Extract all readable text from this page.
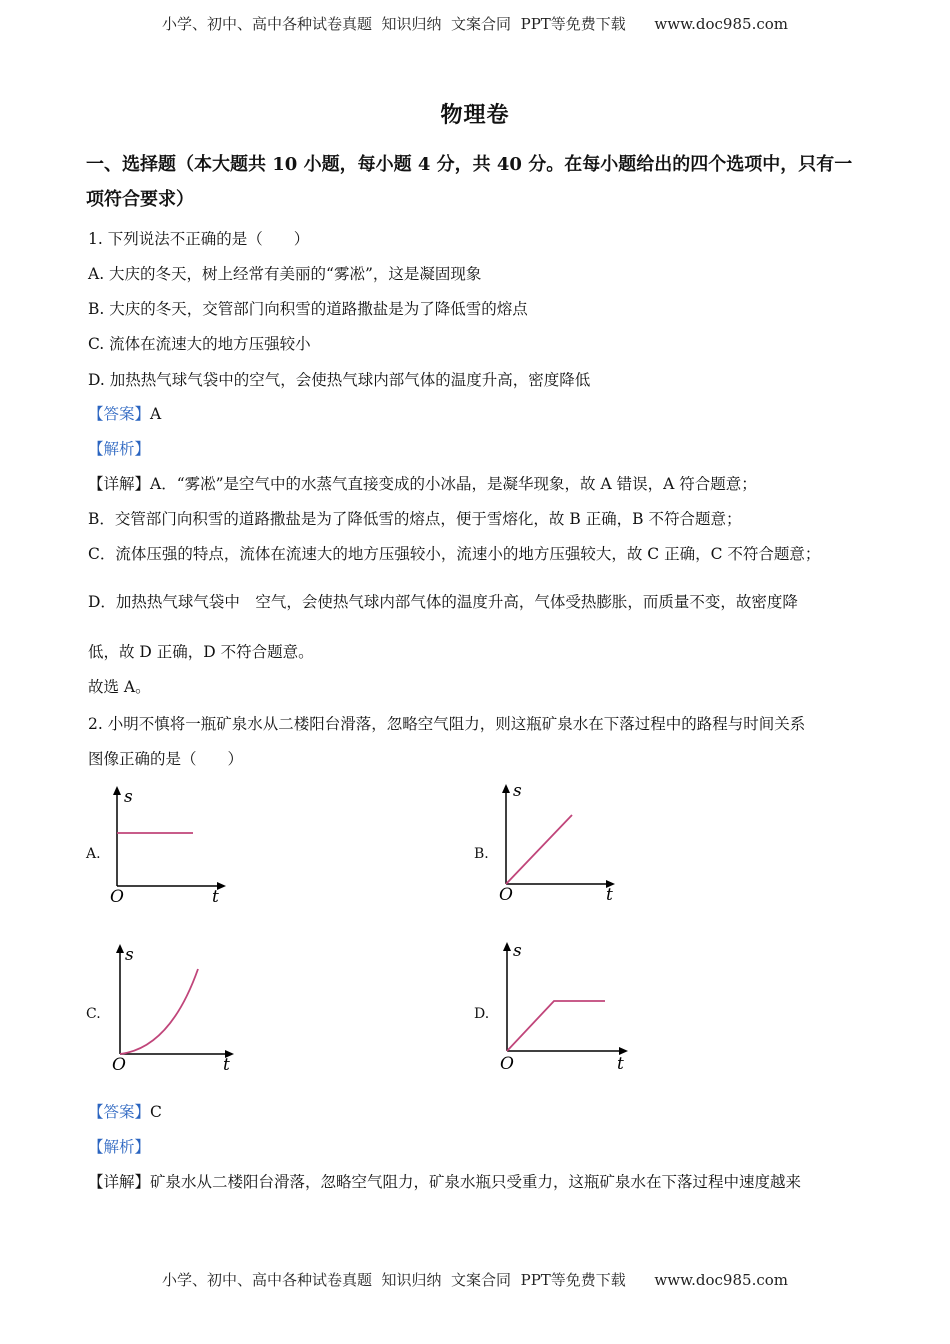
小学、初中、高中各种试卷真题  知识归纳  文案合同  PPT等免费下载      www.doc985.com
物理卷
一、选择题（本大题共 10 小题，每小题 4 分，共 40 分。在每小题给出的四个选项中，只有一项符合要求）
1. 下列说法不正确的是（　　）
A. 大庆的冬天，树上经常有美丽的“雾凇”，这是凝固现象
B. 大庆的冬天，交管部门向积雪的道路撒盐是为了降低雪的熔点
C. 流体在流速大的地方压强较小
D. 加热热气球气袋中的空气，会使热气球内部气体的温度升高，密度降低
【答案】A
【解析】
【详解】A．“雾凇”是空气中的水蒸气直接变成的小冰晶，是凝华现象，故 A 错误，A 符合题意；
B．交管部门向积雪的道路撒盐是为了降低雪的熔点，便于雪熔化，故 B 正确，B 不符合题意；
C．流体压强的特点，流体在流速大的地方压强较小，流速小的地方压强较大，故 C 正确，C 不符合题意；
D．加热热气球气袋中　空气，会使热气球内部气体的温度升高，气体受热膨胀，而质量不变，故密度降
低，故 D 正确，D 不符合题意。
故选 A。
2. 小明不慎将一瓶矿泉水从二楼阳台滑落，忽略空气阻力，则这瓶矿泉水在下落过程中的路程与时间关系
图像正确的是（　　）
A.
s
t
O
B.
s
t
O
C.
s
t
O
D.
s
t
O
【答案】C
【解析】
【详解】矿泉水从二楼阳台滑落，忽略空气阻力，矿泉水瓶只受重力，这瓶矿泉水在下落过程中速度越来
小学、初中、高中各种试卷真题  知识归纳  文案合同  PPT等免费下载      www.doc985.com
